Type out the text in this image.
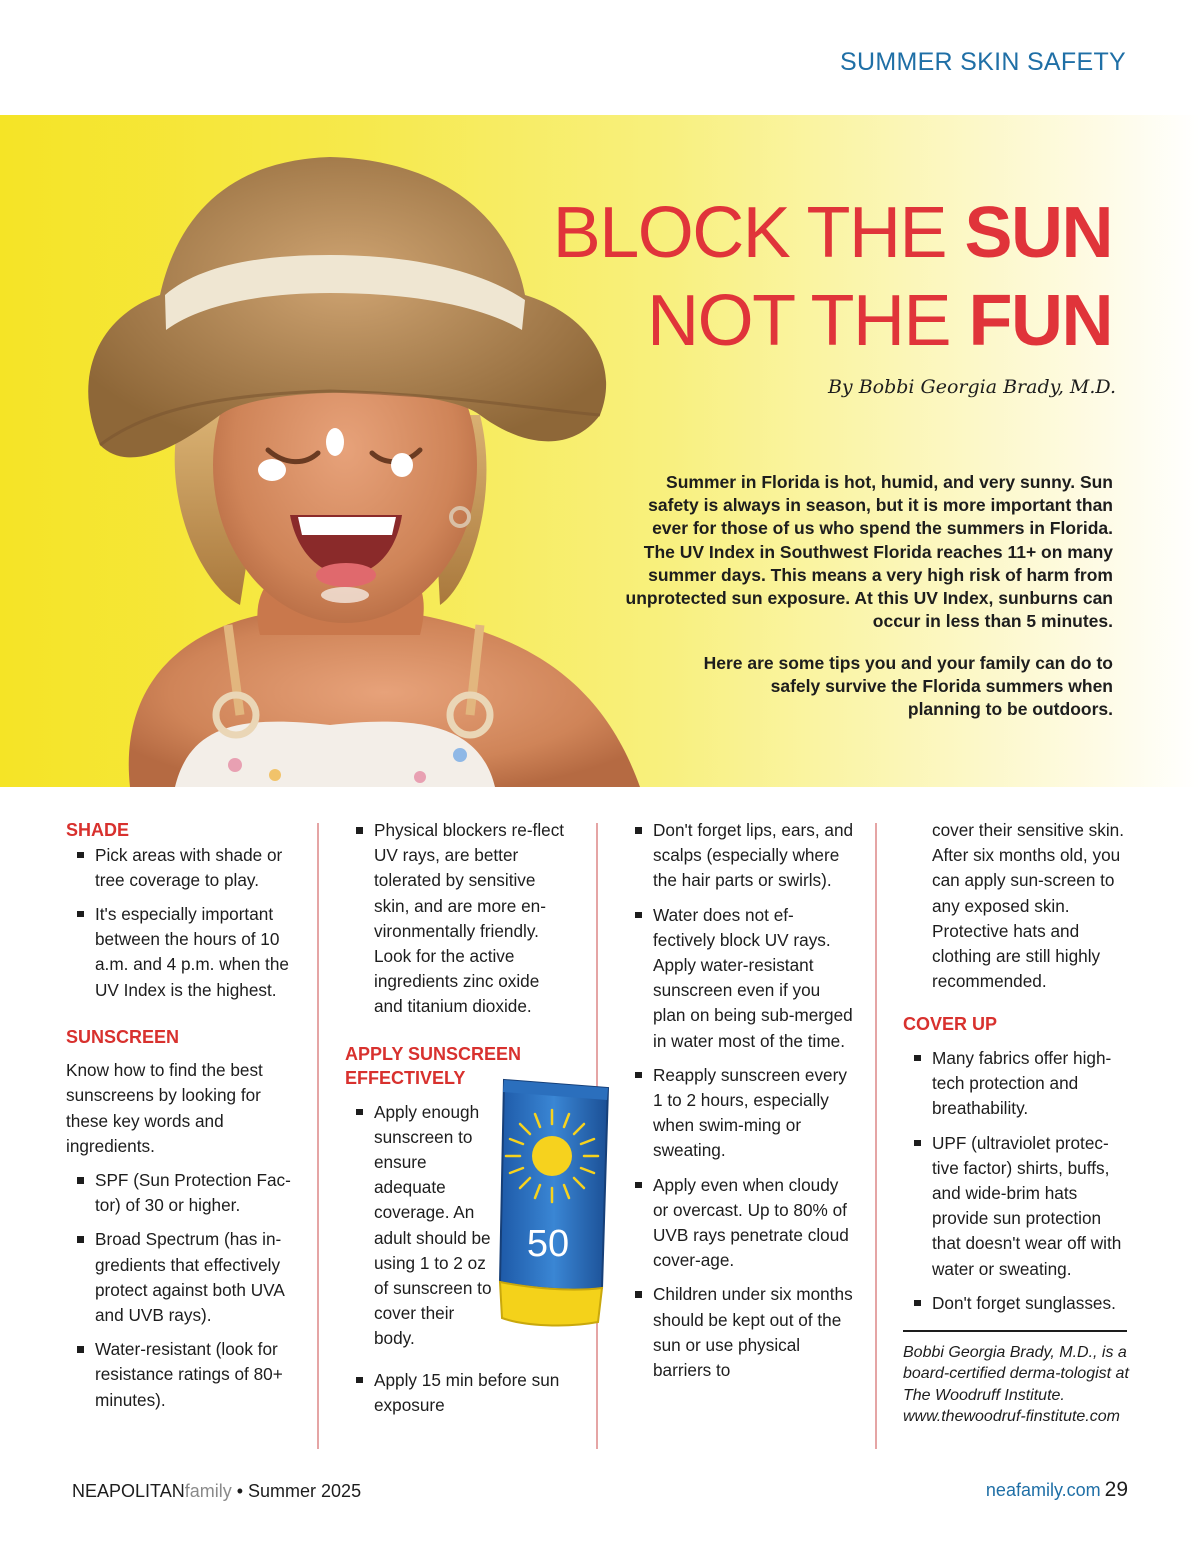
SUMMER SKIN SAFETY
BLOCK THE SUN
NOT THE FUN
By Bobbi Georgia Brady, M.D.

Summer in Florida is hot, humid, and very sunny. Sun safety is always in season, but it is more important than ever for those of us who spend the summers in Florida. The UV Index in Southwest Florida reaches 11+ on many summer days. This means a very high risk of harm from unprotected sun exposure. At this UV Index, sunburns can occur in less than 5 minutes.

Here are some tips you and your family can do to safely survive the Florida summers when planning to be outdoors.

SHADE
Pick areas with shade or tree coverage to play.
It's especially important between the hours of 10 a.m. and 4 p.m. when the UV Index is the highest.
SUNSCREEN

Know how to find the best sunscreens by looking for these key words and ingredients.

SPF (Sun Protection Fac-tor) of 30 or higher.
Broad Spectrum (has in-gredients that effectively protect against both UVA and UVB rays).
Water-resistant (look for resistance ratings of 80+ minutes).
Physical blockers re-flect UV rays, are better tolerated by sensitive skin, and are more en-vironmentally friendly. Look for the active ingredients zinc oxide and titanium dioxide.
APPLY SUNSCREEN EFFECTIVELY
Apply enough sunscreen to ensure adequate coverage. An adult should be using 1 to 2 oz of sunscreen to cover their body.
Apply 15 min before sun exposure
50
Don't forget lips, ears, and scalps (especially where the hair parts or swirls).
Water does not ef-fectively block UV rays. Apply water-resistant sunscreen even if you plan on being sub-merged in water most of the time.
Reapply sunscreen every 1 to 2 hours, especially when swim-ming or sweating.
Apply even when cloudy or overcast. Up to 80% of UVB rays penetrate cloud cover-age.
Children under six months should be kept out of the sun or use physical barriers to

cover their sensitive skin. After six months old, you can apply sun-screen to any exposed skin. Protective hats and clothing are still highly recommended.

COVER UP
Many fabrics offer high-tech protection and breathability.
UPF (ultraviolet protec-tive factor) shirts, buffs, and wide-brim hats provide sun protection that doesn't wear off with water or sweating.
Don't forget sunglasses.

Bobbi Georgia Brady, M.D., is a board-certified derma-tologist at The Woodruff Institute. www.thewoodruf-finstitute.com

NEAPOLITANfamily • Summer 2025	neafamily.com 29
